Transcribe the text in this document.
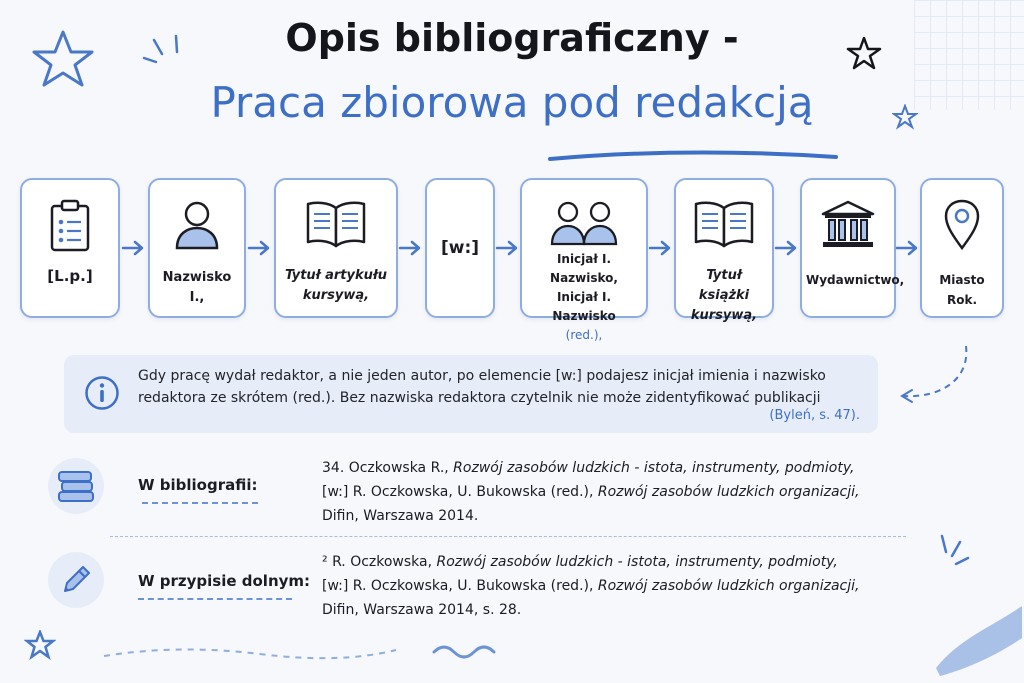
Opis bibliograficzny -
Praca zbiorowa pod redakcją
[L.p.]	Nazwisko I.,
Tytuł artykułu
kursywą,
[w:]
Inicjał I. Nazwisko,
Inicjał I. Nazwisko
(red.),
Tytuł książki
kursywą,
Wydawnictwo,	Miasto Rok.
Gdy pracę wydał redaktor, a nie jeden autor, po elemencie [w:] podajesz inicjał imienia i nazwisko
redaktora ze skrótem (red.). Bez nazwiska redaktora czytelnik nie może zidentyfikować publikacji
(Byleń, s. 47).
W bibliografii:
34. Oczkowska R., Rozwój zasobów ludzkich - istota, instrumenty, podmioty,
[w:] R. Oczkowska, U. Bukowska (red.), Rozwój zasobów ludzkich organizacji,
Difin, Warszawa 2014.
W przypisie dolnym:
² R. Oczkowska, Rozwój zasobów ludzkich - istota, instrumenty, podmioty,
[w:] R. Oczkowska, U. Bukowska (red.), Rozwój zasobów ludzkich organizacji,
Difin, Warszawa 2014, s. 28.
